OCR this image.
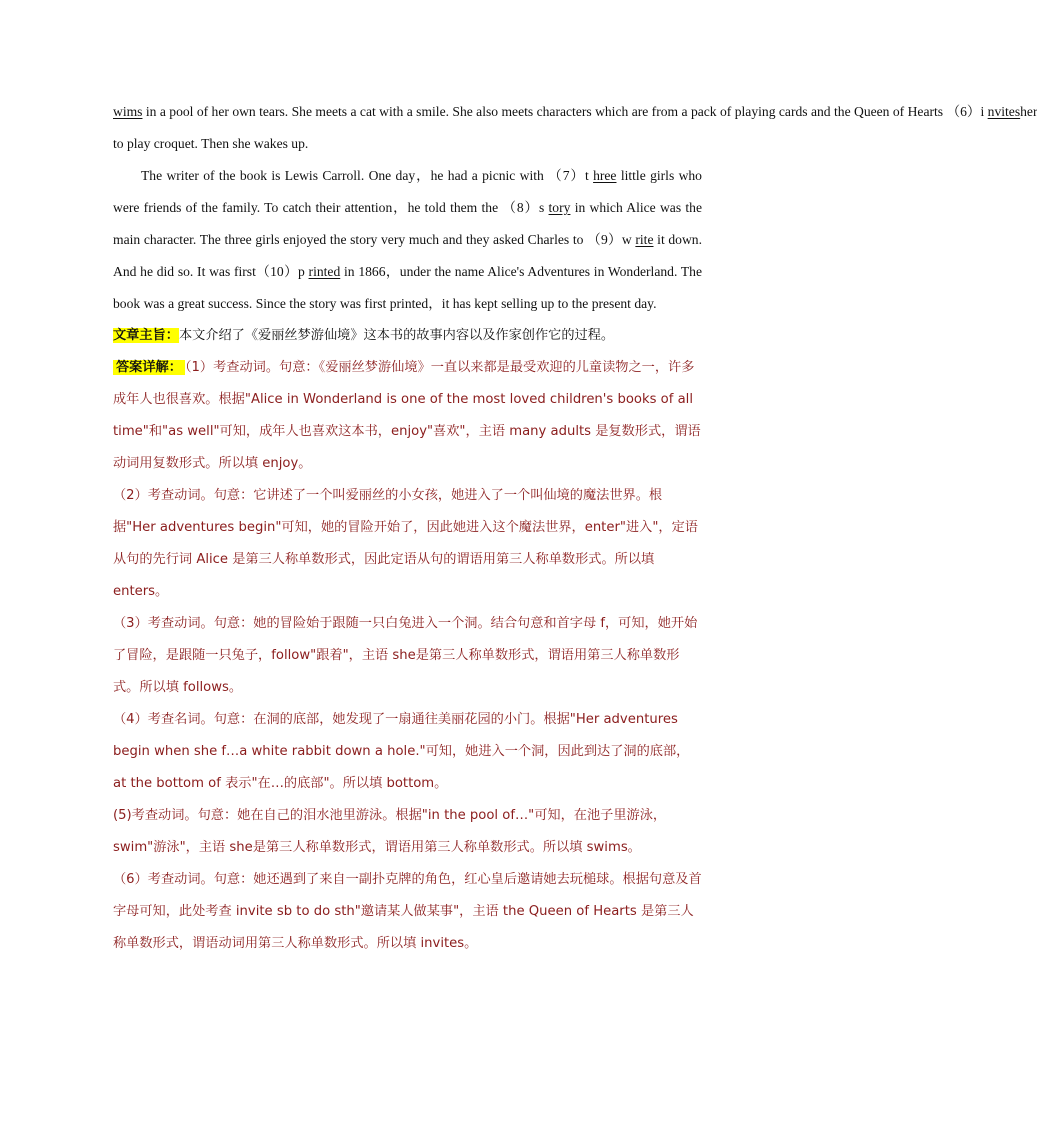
wims in a pool of her own tears. She meets a cat with a smile. She also meets characters which are from a pack of playing cards and the Queen of Hearts （6）i nvitesher to play croquet. Then she wakes up.

The writer of the book is Lewis Carroll. One day，he had a picnic with （7）t hree little girls who were friends of the family. To catch their attention，he told them the （8）s tory in which Alice was the main character. The three girls enjoyed the story very much and they asked Charles to （9）w rite it down. And he did so. It was first（10）p rinted in 1866，under the name Alice's Adventures in Wonderland. The book was a great success. Since the story was first printed，it has kept selling up to the present day.

文章主旨：本文介绍了《爱丽丝梦游仙境》这本书的故事内容以及作家创作它的过程。

答案详解： （1）考查动词。句意：《爱丽丝梦游仙境》一直以来都是最受欢迎的儿童读物之一，许多成年人也很喜欢。根据"Alice in Wonderland is one of the most loved children's books of all time"和"as well"可知，成年人也喜欢这本书，enjoy"喜欢"，主语 many adults 是复数形式，谓语动词用复数形式。所以填 enjoy。

（2）考查动词。句意：它讲述了一个叫爱丽丝的小女孩，她进入了一个叫仙境的魔法世界。根据"Her adventures begin"可知，她的冒险开始了，因此她进入这个魔法世界，enter"进入"，定语从句的先行词 Alice 是第三人称单数形式，因此定语从句的谓语用第三人称单数形式。所以填 enters。

（3）考查动词。句意：她的冒险始于跟随一只白兔进入一个洞。结合句意和首字母 f，可知，她开始了冒险，是跟随一只兔子，follow"跟着"，主语 she是第三人称单数形式，谓语用第三人称单数形式。所以填 follows。

（4）考查名词。句意：在洞的底部，她发现了一扇通往美丽花园的小门。根据"Her adventures begin when she f…a white rabbit down a hole."可知，她进入一个洞，因此到达了洞的底部，at the bottom of 表示"在…的底部"。所以填 bottom。

(5)考查动词。句意：她在自己的泪水池里游泳。根据"in the pool of…"可知，在池子里游泳，swim"游泳"，主语 she是第三人称单数形式，谓语用第三人称单数形式。所以填 swims。

（6）考查动词。句意：她还遇到了来自一副扑克牌的角色，红心皇后邀请她去玩槌球。根据句意及首字母可知，此处考查 invite sb to do sth"邀请某人做某事"，主语 the Queen of Hearts 是第三人称单数形式，谓语动词用第三人称单数形式。所以填 invites。
